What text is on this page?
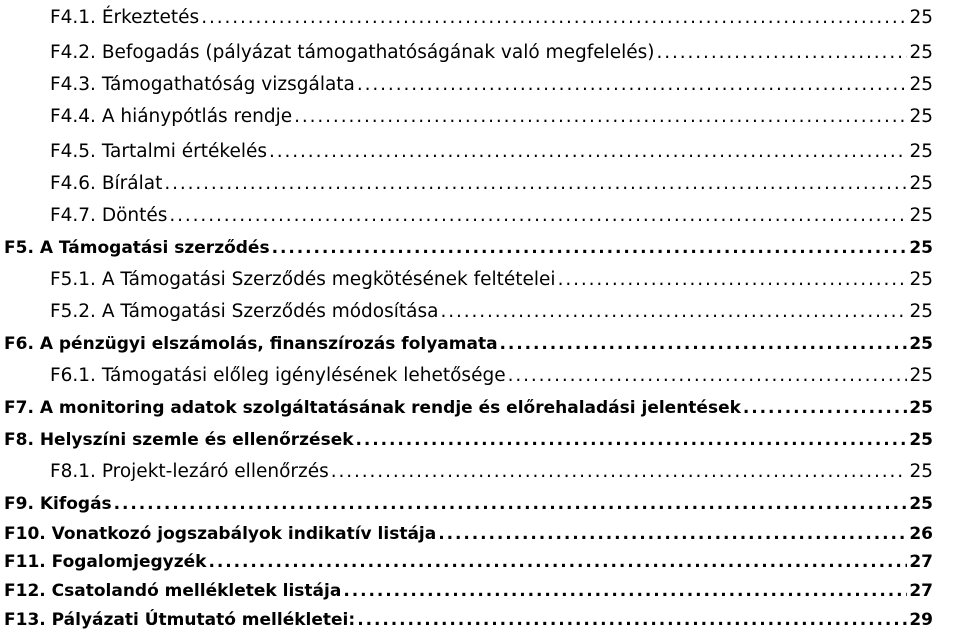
F4.1. Érkeztetés . . .	25
F4.2. Befogadás (pályázat támogathatóságának való megfelelés) . . .	25
F4.3. Támogathatóság vizsgálata . . .	25
F4.4. A hiánypótlás rendje . . .	25
F4.5. Tartalmi értékelés . . .	25
F4.6. Bírálat . . .	25
F4.7. Döntés . . .	25
F5. A Támogatási szerződés . . .	25
F5.1. A Támogatási Szerződés megkötésének feltételei . . .	25
F5.2. A Támogatási Szerződés módosítása . . .	25
F6. A pénzügyi elszámolás, finanszírozás folyamata . . .	25
F6.1. Támogatási előleg igénylésének lehetősége . . .	25
F7. A monitoring adatok szolgáltatásának rendje és előrehaladási jelentések . . .	25
F8. Helyszíni szemle és ellenőrzések . . .	25
F8.1. Projekt-lezáró ellenőrzés . . .	25
F9. Kifogás . . .	25
F10. Vonatkozó jogszabályok indikatív listája . . .	26
F11. Fogalomjegyzék . . .	27
F12. Csatolandó mellékletek listája . . .	27
F13. Pályázati Útmutató mellékletei: . . .	29
